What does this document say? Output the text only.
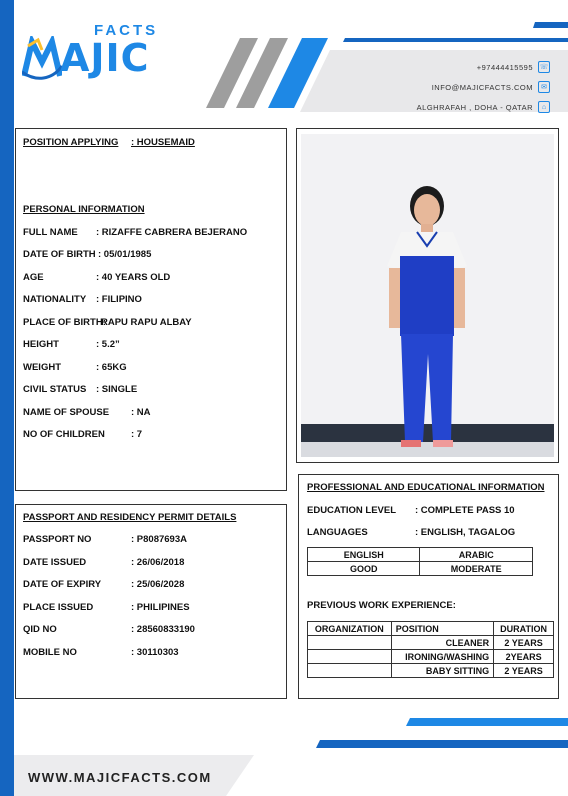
FACTS
AJIC	+97444415595 ☏
INFO@MAJICFACTS.COM	✉
ALGHRAFAH , DOHA - QATAR	⌂
POSITION APPLYING : HOUSEMAID
PERSONAL INFORMATION
FULL NAME : RIZAFFE CABRERA BEJERANO
DATE OF BIRTH : 05/01/1985
AGE	: 40 YEARS OLD
NATIONALITY : FILIPINO
PLACE OF BIRTH:
RAPU RAPU ALBAY
HEIGHT	: 5.2”
WEIGHT	: 65KG
CIVIL STATUS : SINGLE
NAME OF SPOUSE : NA
NO OF CHILDREN	: 7
PASSPORT AND RESIDENCY PERMIT DETAILS
PASSPORT NO	: P8087693A
DATE ISSUED	: 26/06/2018
DATE OF EXPIRY	: 25/06/2028
PLACE ISSUED	: PHILIPINES
QID NO	: 28560833190
MOBILE NO	: 30110303
PROFESSIONAL AND EDUCATIONAL INFORMATION
EDUCATION LEVEL : COMPLETE PASS 10
LANGUAGES	: ENGLISH, TAGALOG
ENGLISH	ARABIC
GOOD	MODERATE
PREVIOUS WORK EXPERIENCE:
ORGANIZATION	POSITION	DURATION
	CLEANER	2 YEARS
	IRONING/WASHING	2YEARS
	BABY SITTING	2 YEARS
WWW.MAJICFACTS.COM
